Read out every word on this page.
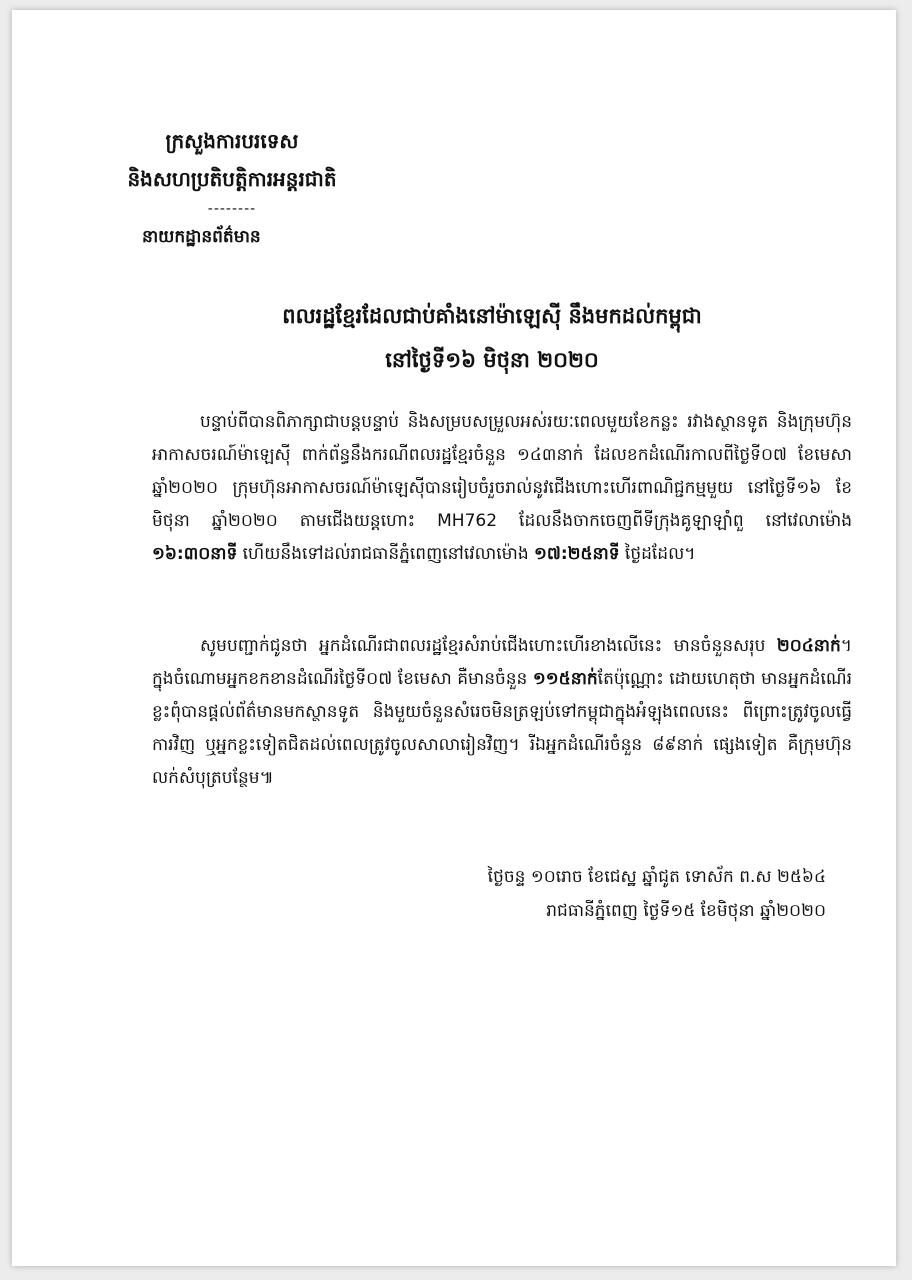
ក្រសួងការបរទេស
និងសហប្រតិបត្តិការអន្តរជាតិ
--------
នាយកដ្ឋានព័ត៌មាន
ពលរដ្ឋខ្មែរដែលជាប់គាំងនៅម៉ាឡេស៊ី នឹងមកដល់កម្ពុជា
នៅថ្ងៃទី១៦ មិថុនា ២០២០

បន្ទាប់ពីបានពិភាក្សាជាបន្តបន្ទាប់ និងសម្របសម្រួលអស់រយៈពេលមួយខែកន្លះ រវាងស្ថានទូត និងក្រុមហ៊ុនអាកាសចរណ៍ម៉ាឡេស៊ី ពាក់ព័ន្ធនឹងករណីពលរដ្ឋខ្មែរចំនួន ១៤៣នាក់ ដែលខកដំណើរកាលពីថ្ងៃទី០៧ ខែមេសា ឆ្នាំ២០២០ ក្រុមហ៊ុនអាកាសចរណ៍ម៉ាឡេស៊ីបានរៀបចំរួចរាល់នូវជើងហោះហើរពាណិជ្ជកម្មមួយ នៅថ្ងៃទី១៦ ខែមិថុនា ឆ្នាំ២០២០ តាមជើងយន្តហោះ MH762 ដែលនឹងចាកចេញពីទីក្រុងគូឡាឡាំពួ នៅវេលាម៉ោង ១៦:៣០នាទី ហើយនឹងទៅដល់រាជធានីភ្នំពេញនៅវេលាម៉ោង ១៧:២៥នាទី ថ្ងៃដដែល។

សូមបញ្ជាក់ជូនថា អ្នកដំណើរជាពលរដ្ឋខ្មែរសំរាប់ជើងហោះហើរខាងលើនេះ មានចំនួនសរុប ២០៤នាក់។ ក្នុងចំណោមអ្នកខកខានដំណើរថ្ងៃទី០៧ ខែមេសា គឺមានចំនួន ១១៥នាក់តែប៉ុណ្ណោះ ដោយហេតុថា មានអ្នកដំណើរខ្លះពុំបានផ្តល់ព័ត៌មានមកស្ថានទូត និងមួយចំនួនសំរេចមិនត្រឡប់ទៅកម្ពុជាក្នុងអំឡុងពេលនេះ ពីព្រោះត្រូវចូលធ្វើការវិញ ឬអ្នកខ្លះទៀតជិតដល់ពេលត្រូវចូលសាលារៀនវិញ។ រីឯអ្នកដំណើរចំនួន ៨៩នាក់ ផ្សេងទៀត គឺក្រុមហ៊ុនលក់សំបុត្របន្ថែម៕

ថ្ងៃចន្ទ ១០រោច ខែជេស្ឋ ឆ្នាំជូត ទោស័ក ព.ស ២៥៦៤
រាជធានីភ្នំពេញ ថ្ងៃទី១៥ ខែមិថុនា ឆ្នាំ២០២០
